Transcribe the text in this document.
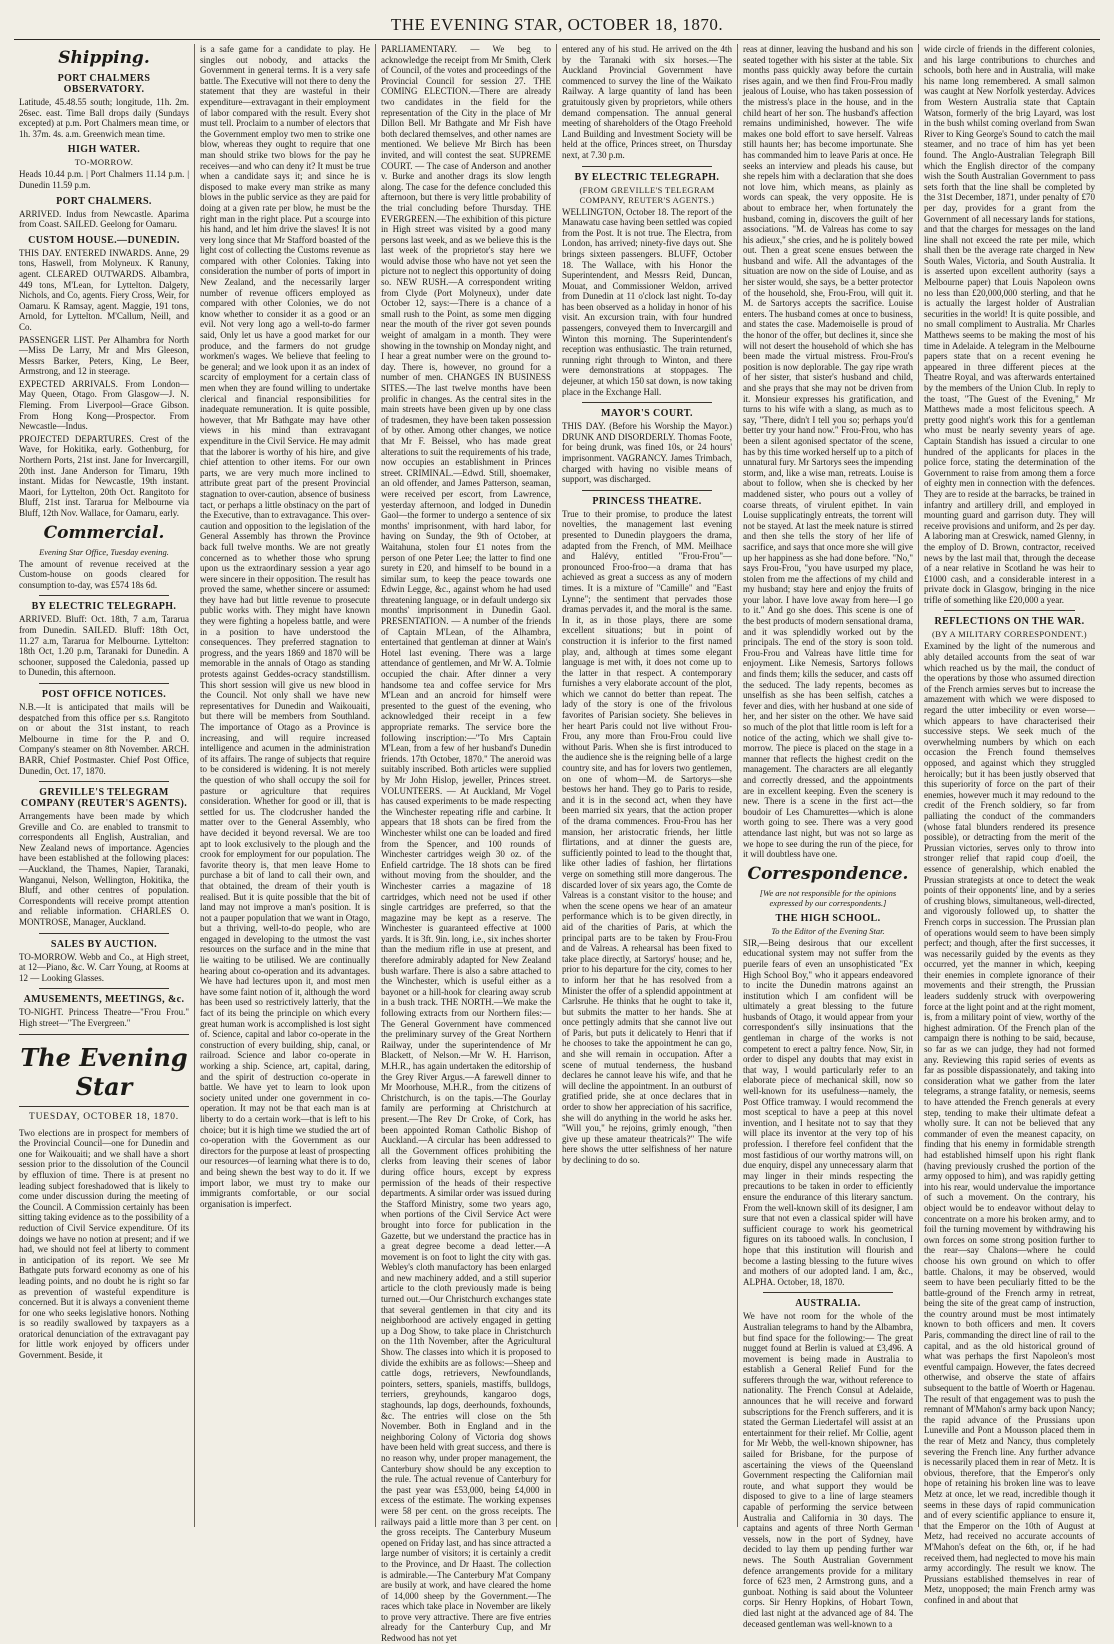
THE EVENING STAR, OCTOBER 18, 1870.
Shipping.
PORT CHALMERS OBSERVATORY.

Latitude, 45.48.55 south; longitude, 11h. 2m. 26sec. east. Time Ball drops daily (Sundays excepted) at p.m. Port Chalmers mean time, or 1h. 37m. 4s. a.m. Greenwich mean time.

HIGH WATER.
TO-MORROW.

Heads 10.44 p.m. | Port Chalmers 11.14 p.m. | Dunedin 11.59 p.m.

PORT CHALMERS.

ARRIVED. Indus from Newcastle. Aparima from Coast. SAILED. Geelong for Oamaru.

CUSTOM HOUSE.—DUNEDIN.

THIS DAY. ENTERED INWARDS. Anne, 29 tons, Haswell, from Molyneux. K Ranuny, agent. CLEARED OUTWARDS. Albambra, 449 tons, M'Lean, for Lyttelton. Dalgety, Nichols, and Co, agents. Fiery Cross, Weir, for Oamaru. K Ramsay, agent. Maggie, 191 tons, Arnold, for Lyttelton. M'Callum, Neill, and Co.

PASSENGER LIST. Per Alhambra for North—Miss De Larry, Mr and Mrs Gleeson, Messrs Barker, Peters, King, Le Beer, Armstrong, and 12 in steerage.

EXPECTED ARRIVALS. From London—May Queen, Otago. From Glasgow—J. N. Fleming. From Liverpool—Grace Gibson. From Hong Kong—Prospector. From Newcastle—Indus.

PROJECTED DEPARTURES. Crest of the Wave, for Hokitika, early. Gothenburg, for Northern Ports, 21st inst. Jane for Invercargill, 20th inst. Jane Anderson for Timaru, 19th instant. Midas for Newcastle, 19th instant. Maori, for Lyttelton, 20th Oct. Rangitoto for Bluff, 21st inst. Tararua for Melbourne via Bluff, 12th Nov. Wallace, for Oamaru, early.

Commercial.
Evening Star Office, Tuesday evening.

The amount of revenue received at the Custom-house on goods cleared for consumption to-day, was £574 18s 6d.

BY ELECTRIC TELEGRAPH.

ARRIVED. Bluff: Oct. 18th, 7 a.m, Tararua from Dunedin. SAILED. Bluff: 18th Oct, 11.27 a.m, Tararua for Melbourne. Lyttelton: 18th Oct, 1.20 p.m, Taranaki for Dunedin. A schooner, supposed the Caledonia, passed up to Dunedin, this afternoon.

POST OFFICE NOTICES.

N.B.—It is anticipated that mails will be despatched from this office per s.s. Rangitoto on or about the 31st instant, to reach Melbourne in time for the P. and O. Company's steamer on 8th November. ARCH. BARR, Chief Postmaster. Chief Post Office, Dunedin, Oct. 17, 1870.

GREVILLE'S TELEGRAM COMPANY (REUTER'S AGENTS).

Arrangements have been made by which Greville and Co. are enabled to transmit to correspondents all English, Australian, and New Zealand news of importance. Agencies have been established at the following places:—Auckland, the Thames, Napier, Taranaki, Wanganui, Nelson, Wellington, Hokitika, the Bluff, and other centres of population. Correspondents will receive prompt attention and reliable information. CHARLES O. MONTROSE, Manager, Auckland.

SALES BY AUCTION.

TO-MORROW. Webb and Co., at High street, at 12—Piano, &c. W. Carr Young, at Rooms at 12 — Looking Glasses.

AMUSEMENTS, MEETINGS, &c.

TO-NIGHT. Princess Theatre—"Frou Frou." High street—"The Evergreen."

The Evening Star
TUESDAY, OCTOBER 18, 1870.

Two elections are in prospect for members of the Provincial Council—one for Dunedin and one for Waikouaiti; and we shall have a short session prior to the dissolution of the Council by effluxion of time. There is at present no leading subject foreshadowed that is likely to come under discussion during the meeting of the Council. A Commission certainly has been sitting taking evidence as to the possibility of a reduction of Civil Service expenditure. Of its doings we have no notion at present; and if we had, we should not feel at liberty to comment in anticipation of its report. We see Mr Bathgate puts forward economy as one of his leading points, and no doubt he is right so far as prevention of wasteful expenditure is concerned. But it is always a convenient theme for one who seeks legislative honors. Nothing is so readily swallowed by taxpayers as a oratorical denunciation of the extravagant pay for little work enjoyed by officers under Government. Beside, it

is a safe game for a candidate to play. He singles out nobody, and attacks the Government in general terms. It is a very safe battle. The Executive will not there to deny the statement that they are wasteful in their expenditure—extravagant in their employment of labor compared with the result. Every shot must tell. Proclaim to a number of electors that the Government employ two men to strike one blow, whereas they ought to require that one man should strike two blows for the pay he receives—and who can deny it? It must be true when a candidate says it; and since he is disposed to make every man strike as many blows in the public service as they are paid for doing at a given rate per blow, he must be the right man in the right place. Put a scourge into his hand, and let him drive the slaves! It is not very long since that Mr Stafford boasted of the light cost of collecting the Customs revenue as compared with other Colonies. Taking into consideration the number of ports of import in New Zealand, and the necessarily larger number of revenue officers employed as compared with other Colonies, we do not know whether to consider it as a good or an evil. Not very long ago a well-to-do farmer said, Only let us have a good market for our produce, and the farmers do not grudge workmen's wages. We believe that feeling to be general; and we look upon it as an index of scarcity of employment for a certain class of men when they are found willing to undertake clerical and financial responsibilities for inadequate remuneration. It is quite possible, however, that Mr Bathgate may have other views in his mind than extravagant expenditure in the Civil Service. He may admit that the laborer is worthy of his hire, and give chief attention to other items. For our own parts, we are very much more inclined to attribute great part of the present Provincial stagnation to over-caution, absence of business tact, or perhaps a little obstinacy on the part of the Executive, than to extravagance. This over-caution and opposition to the legislation of the General Assembly has thrown the Province back full twelve months. We are not greatly concerned as to whether those who sprung upon us the extraordinary session a year ago were sincere in their opposition. The result has proved the same, whether sincere or assumed: they have had but little revenue to prosecute public works with. They might have known they were fighting a hopeless battle, and were in a position to have understood the consequences. They preferred stagnation to progress, and the years 1869 and 1870 will be memorable in the annals of Otago as standing protests against Geddes-ocracy standstillism. This short session will give us new blood in the Council. Not only shall we have new representatives for Dunedin and Waikouaiti, but there will be members from Southland. The importance of Otago as a Province is increasing, and will require increased intelligence and acumen in the administration of its affairs. The range of subjects that require to be considered is widening. It is not merely the question of who shall occupy the soil for pasture or agriculture that requires consideration. Whether for good or ill, that is settled for us. The clodcrusher handed the matter over to the General Assembly, who have decided it beyond reversal. We are too apt to look exclusively to the plough and the crook for employment for our population. The favorite theory is, that men leave Home to purchase a bit of land to call their own, and that obtained, the dream of their youth is realised. But it is quite possible that the bit of land may not improve a man's position. It is not a pauper population that we want in Otago, but a thriving, well-to-do people, who are engaged in developing to the utmost the vast resources on the surface and in the mine that lie waiting to be utilised. We are continually hearing about co-operation and its advantages. We have had lectures upon it, and most men have some faint notion of it, although the word has been used so restrictively latterly, that the fact of its being the principle on which every great human work is accomplished is lost sight of. Science, capital and labor co-operate in the construction of every building, ship, canal, or railroad. Science and labor co-operate in working a ship. Science, art, capital, daring, and the spirit of destruction co-operate in battle. We have yet to learn to look upon society united under one government in co-operation. It may not be that each man is at liberty to do a certain work—that is left to his choice; but it is high time we studied the art of co-operation with the Government as our directors for the purpose at least of prospecting our resources—of learning what there is to do, and being shewn the best way to do it. If we import labor, we must try to make our immigrants comfortable, or our social organisation is imperfect.

PARLIAMENTARY. — We beg to acknowledge the receipt from Mr Smith, Clerk of Council, of the votes and proceedings of the Provincial Council for session 27. THE COMING ELECTION.—There are already two candidates in the field for the representation of the City in the place of Mr Dillon Bell. Mr Bathgate and Mr Fish have both declared themselves, and other names are mentioned. We believe Mr Birch has been invited, and will contest the seat. SUPREME COURT. — The case of Anderson and another v. Burke and another drags its slow length along. The case for the defence concluded this afternoon, but there is very little probability of the trial concluding before Thursday. THE EVERGREEN.—The exhibition of this picture in High street was visited by a good many persons last week, and as we believe this is the last week of the proprietor's stay here we would advise those who have not yet seen the picture not to neglect this opportunity of doing so. NEW RUSH.—A correspondent writing from Clyde (Port Molyneux), under date October 12, says:—There is a chance of a small rush to the Point, as some men digging near the mouth of the river got seven pounds weight of amalgam in a month. They were showing in the township on Monday night, and I hear a great number were on the ground to-day. There is, however, no ground for a number of men. CHANGES IN BUSINESS SITES.—The last twelve months have been prolific in changes. As the central sites in the main streets have been given up by one class of tradesmen, they have been taken possession of by other. Among other changes, we notice that Mr F. Beissel, who has made great alterations to suit the requirements of his trade, now occupies an establishment in Princes street. CRIMINAL.—Edwd. Still, shoemaker, an old offender, and James Patterson, seaman, were received per escort, from Lawrence, yesterday afternoon, and lodged in Dunedin Gaol—the former to undergo a sentence of six months' imprisonment, with hard labor, for having on Sunday, the 9th of October, at Waitahuna, stolen four £1 notes from the person of one Peter Lee; the latter to find one surety in £20, and himself to be bound in a similar sum, to keep the peace towards one Edwin Legge, &c., against whom he had used threatening language, or in default undergo six months' imprisonment in Dunedin Gaol. PRESENTATION. — A number of the friends of Captain M'Lean, of the Alhambra, entertained that gentleman at dinner at Wain's Hotel last evening. There was a large attendance of gentlemen, and Mr W. A. Tolmie occupied the chair. After dinner a very handsome tea and coffee service for Mrs M'Lean and an ancroid for himself were presented to the guest of the evening, who acknowledged their receipt in a few appropriate remarks. The service bore the following inscription:—"To Mrs Captain M'Lean, from a few of her husband's Dunedin friends. 17th October, 1870." The aneroid was suitably inscribed. Both articles were supplied by Mr John Hislop, jeweller, Princes street. VOLUNTEERS. — At Auckland, Mr Vogel has caused experiments to be made respecting the Winchester repeating rifle and carbine. It appears that 18 shots can be fired from the Winchester whilst one can be loaded and fired from the Spencer, and 100 rounds of Winchester cartridges weigh 30 oz. of the Enfield cartridge. The 18 shots can be fired without moving from the shoulder, and the Winchester carries a magazine of 18 cartridges, which need not be used if other single cartridges are preferred, so that the magazine may be kept as a reserve. The Winchester is guaranteed effective at 1000 yards. It is 3ft. 9in. long, i.e., six inches shorter than the medium rifle in use at present, and therefore admirably adapted for New Zealand bush warfare. There is also a sabre attached to the Winchester, which is useful either as a bayonet or a hill-hook for clearing away scrub in a bush track. THE NORTH.—We make the following extracts from our Northern files:—The General Government have commenced the preliminary survey of the Great Northern Railway, under the superintendence of Mr Blackett, of Nelson.—Mr W. H. Harrison, M.H.R., has again undertaken the editorship of the Grey River Argus.—A farewell dinner to Mr Moorhouse, M.H.R., from the citizens of Christchurch, is on the tapis.—The Gourlay family are performing at Christchurch at present.—The Rev Dr Croke, of Cork, has been appointed Roman Catholic Bishop of Auckland.—A circular has been addressed to all the Government offices prohibiting the clerks from leaving their scenes of labor during office hours, except by express permission of the heads of their respective departments. A similar order was issued during the Stafford Ministry, some two years ago, when portions of the Civil Service Act were brought into force for publication in the Gazette, but we understand the practice has in a great degree become a dead letter.—A movement is on foot to light the city with gas. Webley's cloth manufactory has been enlarged and new machinery added, and a still superior article to the cloth previously made is being turned out.—Our Christchurch exchanges state that several gentlemen in that city and its neighborhood are actively engaged in getting up a Dog Show, to take place in Christchurch on the 11th November, after the Agricultural Show. The classes into which it is proposed to divide the exhibits are as follows:—Sheep and cattle dogs, retrievers, Newfoundlands, pointers, setters, spaniels, mastiffs, bulldogs, terriers, greyhounds, kangaroo dogs, staghounds, lap dogs, deerhounds, foxhounds, &c. The entries will close on the 5th November. Both in England and in the neighboring Colony of Victoria dog shows have been held with great success, and there is no reason why, under proper management, the Canterbury show should be any exception to the rule. The actual revenue of Canterbury for the past year was £53,000, being £4,000 in excess of the estimate. The working expenses were 58 per cent. on the gross receipts. The railways paid a little more than 3 per cent. on the gross receipts. The Canterbury Museum opened on Friday last, and has since attracted a large number of visitors; it is certainly a credit to the Province, and Dr Haast. The collection is admirable.—The Canterbury M'at Company are busily at work, and have cleared the home of 14,000 sheep by the Government.—The races which take place in November are likely to prove very attractive. There are five entries already for the Canterbury Cup, and Mr Redwood has not yet

entered any of his stud. He arrived on the 4th by the Taranaki with six horses.—The Auckland Provincial Government have commenced to survey the line of the Waikato Railway. A large quantity of land has been gratuitously given by proprietors, while others demand compensation. The annual general meeting of shareholders of the Otago Freehold Land Building and Investment Society will be held at the office, Princes street, on Thursday next, at 7.30 p.m.

BY ELECTRIC TELEGRAPH.
(FROM GREVILLE'S TELEGRAM COMPANY, REUTER'S AGENTS.)

WELLINGTON, October 18. The report of the Manawatu case having been settled was copied from the Post. It is not true. The Electra, from London, has arrived; ninety-five days out. She brings sixteen passengers. BLUFF, October 18. The Wallace, with his Honor the Superintendent, and Messrs Reid, Duncan, Mouat, and Commissioner Weldon, arrived from Dunedin at 11 o'clock last night. To-day has been observed as a holiday in honor of his visit. An excursion train, with four hundred passengers, conveyed them to Invercargill and Winton this morning. The Superintendent's reception was enthusiastic. The train returned, running right through to Winton, and there were demonstrations at stoppages. The dejeuner, at which 150 sat down, is now taking place in the Exchange Hall.

MAYOR'S COURT.

THIS DAY. (Before his Worship the Mayor.) DRUNK AND DISORDERLY. Thomas Foote, for being drunk, was fined 10s, or 24 hours' imprisonment. VAGRANCY. James Trimbach, charged with having no visible means of support, was discharged.

PRINCESS THEATRE.

True to their promise, to produce the latest novelties, the management last evening presented to Dunedin playgoers the drama, adapted from the French, of MM. Meilhace and Halévy, entitled "Frou-Frou"—pronounced Froo-froo—a drama that has achieved as great a success as any of modern times. It is a mixture of "Camille" and "East Lynne"; the sentiment that pervades those dramas pervades it, and the moral is the same. In it, as in those plays, there are some excellent situations; but in point of construction it is inferior to the first named play, and, although at times some elegant language is met with, it does not come up to the latter in that respect. A contemporary furnishes a very elaborate account of the plot, which we cannot do better than repeat. The lady of the story is one of the frivolous favorites of Parisian society. She believes in her heart Paris could not live without Frou-Frou, any more than Frou-Frou could live without Paris. When she is first introduced to the audience she is the reigning belle of a large country site, and has for lovers two gentlemen, on one of whom—M. de Sartorys—she bestows her hand. They go to Paris to reside, and it is in the second act, when they have been married six years, that the action proper of the drama commences. Frou-Frou has her mansion, her aristocratic friends, her little flirtations, and at dinner the guests are, sufficiently pointed to lead to the thought that, like other ladies of fashion, her flirtations verge on something still more dangerous. The discarded lover of six years ago, the Comte de Valreas is a constant visitor to the house; and when the scene opens we hear of an amateur performance which is to be given directly, in aid of the charities of Paris, at which the principal parts are to be taken by Frou-Frou and de Valreas. A rehearsal has been fixed to take place directly, at Sartorys' house; and he, prior to his departure for the city, comes to her to inform her that he has resolved from a Minister the offer of a splendid appointment at Carlsruhe. He thinks that he ought to take it, but submits the matter to her hands. She at once pettingly admits that she cannot live out of Paris, but puts it delicately to Henri that if he chooses to take the appointment he can go, and she will remain in occupation. After a scene of mutual tenderness, the husband declares he cannot leave his wife, and that he will decline the appointment. In an outburst of gratified pride, she at once declares that in order to show her appreciation of his sacrifice, she will do anything in the world he asks her. "Will you," he rejoins, grimly enough, "then give up these amateur theatricals?" The wife here shows the utter selfishness of her nature by declining to do so.

reas at dinner, leaving the husband and his son seated together with his sister at the table. Six months pass quickly away before the curtain rises again, and we then find Frou-Frou madly jealous of Louise, who has taken possession of the mistress's place in the house, and in the child heart of her son. The husband's affection remains undiminished, however. The wife makes one bold effort to save herself. Valreas still haunts her; has become importunate. She has commanded him to leave Paris at once. He seeks an interview and pleads his cause, but she repels him with a declaration that she does not love him, which means, as plainly as words can speak, the very opposite. He is about to embrace her, when fortunately the husband, coming in, discovers the guilt of her associations. "M. de Valreas has come to say his adieux," she cries, and he is politely bowed out. Then a great scene ensues between the husband and wife. All the advantages of the situation are now on the side of Louise, and as her sister would, she says, be a better protector of the household, she, Frou-Frou, will quit it. M. de Sartorys accepts the sacrifice. Louise enters. The husband comes at once to business, and states the case. Mademoiselle is proud of the honor of the offer, but declines it, since she will not desert the household of which she has been made the virtual mistress. Frou-Frou's position is now deplorable. The gay ripe wrath of her sister, that sister's husband and child, and she prays that she may not be driven from it. Monsieur expresses his gratification, and turns to his wife with a slang, as much as to say, "There, didn't I tell you so; perhaps you'd better try your hand now." Frou-Frou, who has been a silent agonised spectator of the scene, has by this time worked herself up to a pitch of unnatural fury. Mr Sartorys sees the impending storm, and, like a wise man, retreats. Louise is about to follow, when she is checked by her maddened sister, who pours out a volley of coarse threats, of virulent epithet. In vain Louise supplicatingly entreats, the torrent will not be stayed. At last the meek nature is stirred and then she tells the story of her life of sacrifice, and says that once more she will give up her happiness as she had done before. "No," says Frou-Frou, "you have usurped my place, stolen from me the affections of my child and my husband; stay here and enjoy the fruits of your labor. I have love away from here—I go to it." And go she does. This scene is one of the best products of modern sensational drama, and it was splendidly worked out by the principals. The end of the story is soon told. Frou-Frou and Valreas have little time for enjoyment. Like Nemesis, Sartorys follows and finds them; kills the seducer, and casts off the seduced. The lady repents, becomes as unselfish as she has been selfish, catches a fever and dies, with her husband at one side of her, and her sister on the other. We have said so much of the plot that little room is left for a notice of the acting, which we shall give to-morrow. The piece is placed on the stage in a manner that reflects the highest credit on the management. The characters are all elegantly and correctly dressed, and the appointments are in excellent keeping. Even the scenery is new. There is a scene in the first act—the boudoir of Les Chamurettes—which is alone worth going to see. There was a very good attendance last night, but was not so large as we hope to see during the run of the piece, for it will doubtless have one.

Correspondence.
[We are not responsible for the opinions expressed by our correspondents.]
THE HIGH SCHOOL.
To the Editor of the Evening Star.

SIR,—Being desirous that our excellent educational system may not suffer from the puerile fears of even an unsophisticated "Ex High School Boy," who it appears endeavored to incite the Dunedin matrons against an institution which I am confident will be ultimately a great blessing to the future husbands of Otago, it would appear from your correspondent's silly insinuations that the gentleman in charge of the works is not competent to erect a paltry fence. Now, Sir, in order to dispel any doubts that may exist in that way, I would particularly refer to an elaborate piece of mechanical skill, now so well-known for its usefulness—namely, the Post Office tramway. I would recommend the most sceptical to have a peep at this novel invention, and I hesitate not to say that they will place its inventor at the very top of his profession. I therefore feel confident that the most fastidious of our worthy matrons will, on due enquiry, dispel any unnecessary alarm that may linger in their minds respecting the precautions to be taken in order to efficiently ensure the endurance of this literary sanctum. From the well-known skill of its designer, I am sure that not even a classical spider will have sufficient courage to work his geometrical figures on its tabooed walls. In conclusion, I hope that this institution will flourish and become a lasting blessing to the future wives and mothers of our adopted land. I am, &c., ALPHA. October, 18, 1870.

AUSTRALIA.

We have not room for the whole of the Australian telegrams to hand by the Albambra, but find space for the following:— The great nugget found at Berlin is valued at £3,496. A movement is being made in Australia to establish a General Relief Fund for the sufferers through the war, without reference to nationality. The French Consul at Adelaide, announces that he will receive and forward subscriptions for the French sufferers, and it is stated the German Liedertafel will assist at an entertainment for their relief. Mr Collie, agent for Mr Webb, the well-known shipowner, has sailed for Brisbane, for the purpose of ascertaining the views of the Queensland Government respecting the Californian mail route, and what support they would be disposed to give to a line of large steamers capable of performing the service between Australia and California in 30 days. The captains and agents of three North German vessels, now in the port of Sydney, have decided to lay them up pending further war news. The South Australian Government defence arrangements provide for a military force of 623 men, 2 Armstrong guns, and a gunboat. Nothing is said about the Volunteer corps. Sir Henry Hopkins, of Hobart Town, died last night at the advanced age of 84. The deceased gentleman was well-known to a

wide circle of friends in the different colonies, and his large contributions to churches and schools, both here and in Australia, will make his name long remembered. A small salmon was caught at New Norfolk yesterday. Advices from Western Australia state that Captain Watson, formerly of the brig Layard, was lost in the bush whilst coming overland from Swan River to King George's Sound to catch the mail steamer, and no trace of him has yet been found. The Anglo-Australian Telegraph Bill which the English director of the company wish the South Australian Government to pass sets forth that the line shall be completed by the 31st December, 1871, under penalty of £70 per day, provides for a grant from the Government of all necessary lands for stations, and that the charges for messages on the land line shall not exceed the rate per mile, which shall then be the average rate charged in New South Wales, Victoria, and South Australia. It is asserted upon excellent authority (says a Melbourne paper) that Louis Napoleon owns no less than £20,000,000 sterling, and that he is actually the largest holder of Australian securities in the world! It is quite possible, and no small compliment to Australia. Mr Charles Matthews seems to be making the most of his time in Adelaide. A telegram in the Melbourne papers state that on a recent evening he appeared in three different pieces at the Theatre Royal, and was afterwards entertained by the members of the Union Club. In reply to the toast, "The Guest of the Evening," Mr Matthews made a most felicitous speech. A pretty good night's work this for a gentleman who must be nearly seventy years of age. Captain Standish has issued a circular to one hundred of the applicants for places in the police force, stating the determination of the Government to raise from among them a force of eighty men in connection with the defences. They are to reside at the barracks, be trained in infantry and artillery drill, and employed in mounting guard and garrison duty. They will receive provisions and uniform, and 2s per day. A laboring man at Creswick, named Glenny, in the employ of D. Brown, contractor, received news by the last mail that, through the decease of a near relative in Scotland he was heir to £1000 cash, and a considerable interest in a private dock in Glasgow, bringing in the nice trifle of something like £20,000 a year.

REFLECTIONS ON THE WAR.
(BY A MILITARY CORRESPONDENT.)

Examined by the light of the numerous and ably detailed accounts from the seat of war which reached us by the mail, the conduct of the operations by those who assumed direction of the French armies serves but to increase the amazement with which we were disposed to regard the utter imbecility or even worse—which appears to have characterised their successive steps. We seek much of the overwhelming numbers by which on each occasion the French found themselves opposed, and against which they struggled heroically; but it has been justly observed that this superiority of force on the part of their enemies, however much it may redound to the credit of the French soldiery, so far from palliating the conduct of the commanders (whose fatal blunders rendered its presence possible), or detracting from the merit of the Prussian victories, serves only to throw into stronger relief that rapid coup d'oeil, the essence of generalship, which enabled the Prussian strategists at once to detect the weak points of their opponents' line, and by a series of crushing blows, simultaneous, well-directed, and vigorously followed up, to shatter the French corps in succession. The Prussian plan of operations would seem to have been simply perfect; and though, after the first successes, it was necessarily guided by the events as they occurred, yet the manner in which, keeping their enemies in complete ignorance of their movements and their strength, the Prussian leaders suddenly struck with overpowering force at the light point and at the right moment, is, from a military point of view, worthy of the highest admiration. Of the French plan of the campaign there is nothing to be said, because, so far as we can judge, they had not formed any. Reviewing this rapid series of events as far as possible dispassionately, and taking into consideration what we gather from the later telegrams, a strange fatality, or nemesis, seems to have attended the French generals at every step, tending to make their ultimate defeat a wholly sure. It can not be believed that any commander of even the meanest capacity, on finding that his enemy in formidable strength had established himself upon his right flank (having previously crushed the portion of the army opposed to him), and was rapidly getting into his rear, would undervalue the importance of such a movement. On the contrary, his object would be to endeavor without delay to concentrate on a more his broken army, and to foil the turning movement by withdrawing his own forces on some strong position further to the rear—say Chalons—where he could choose his own ground on which to offer battle. Chalons, it may be observed, would seem to have been peculiarly fitted to be the battle-ground of the French army in retreat, being the site of the great camp of instruction, the country around must be most intimately known to both officers and men. It covers Paris, commanding the direct line of rail to the capital, and as the old historical ground of what was perhaps the first Napoleon's most eventful campaign. However, the fates decreed otherwise, and observe the state of affairs subsequent to the battle of Woerth or Hagenau. The result of that engagement was to push the remnant of M'Mahon's army back upon Nancy; the rapid advance of the Prussians upon Luneville and Pont a Mousson placed them in the rear of Metz and Nancy, thus completely severing the French line. Any further advance is necessarily placed them in rear of Metz. It is obvious, therefore, that the Emperor's only hope of retaining his broken line was to leave Metz at once, let we read, incredible though it seems in these days of rapid communication and of every scientific appliance to ensure it, that the Emperor on the 10th of August at Metz, had received no accurate accounts of M'Mahon's defeat on the 6th, or, if he had received them, had neglected to move his main army accordingly. The result we know. The Prussians established themselves in rear of Metz, unopposed; the main French army was confined in and about that
